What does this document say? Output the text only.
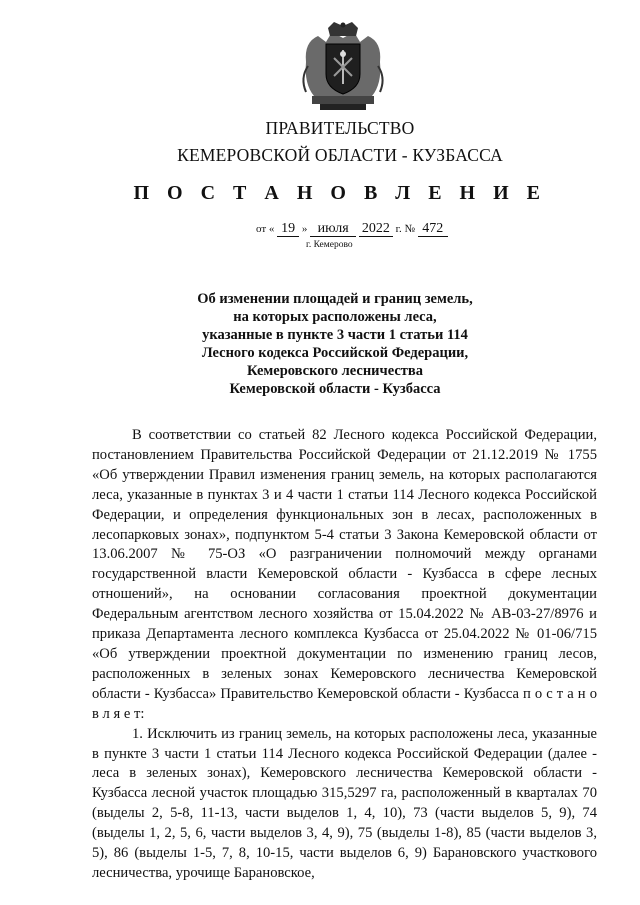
ПРАВИТЕЛЬСТВО
КЕМЕРОВСКОЙ ОБЛАСТИ - КУЗБАССА
П О С Т А Н О В Л Е Н И Е
от « 19 » июля 2022 г. № 472
г. Кемерово
Об изменении площадей и границ земель,
на которых расположены леса,
указанные в пункте 3 части 1 статьи 114
Лесного кодекса Российской Федерации,
Кемеровского лесничества
Кемеровской области - Кузбасса

В соответствии со статьей 82 Лесного кодекса Российской Федерации, постановлением Правительства Российской Федерации от 21.12.2019 № 1755 «Об утверждении Правил изменения границ земель, на которых располагаются леса, указанные в пунктах 3 и 4 части 1 статьи 114 Лесного кодекса Российской Федерации, и определения функциональных зон в лесах, расположенных в лесопарковых зонах», подпунктом 5-4 статьи 3 Закона Кемеровской области от 13.06.2007 № 75-ОЗ «О разграничении полномочий между органами государственной власти Кемеровской области - Кузбасса в сфере лесных отношений», на основании согласования проектной документации Федеральным агентством лесного хозяйства от 15.04.2022 № АВ-03-27/8976 и приказа Департамента лесного комплекса Кузбасса от 25.04.2022 № 01-06/715 «Об утверждении проектной документации по изменению границ лесов, расположенных в зеленых зонах Кемеровского лесничества Кемеровской области - Кузбасса» Правительство Кемеровской области - Кузбасса п о с т а н о в л я е т:

1. Исключить из границ земель, на которых расположены леса, указанные в пункте 3 части 1 статьи 114 Лесного кодекса Российской Федерации (далее - леса в зеленых зонах), Кемеровского лесничества Кемеровской области - Кузбасса лесной участок площадью 315,5297 га, расположенный в кварталах 70 (выделы 2, 5-8, 11-13, части выделов 1, 4, 10), 73 (части выделов 5, 9), 74 (выделы 1, 2, 5, 6, части выделов 3, 4, 9), 75 (выделы 1-8), 85 (части выделов 3, 5), 86 (выделы 1-5, 7, 8, 10-15, части выделов 6, 9) Барановского участкового лесничества, урочище Барановское,
